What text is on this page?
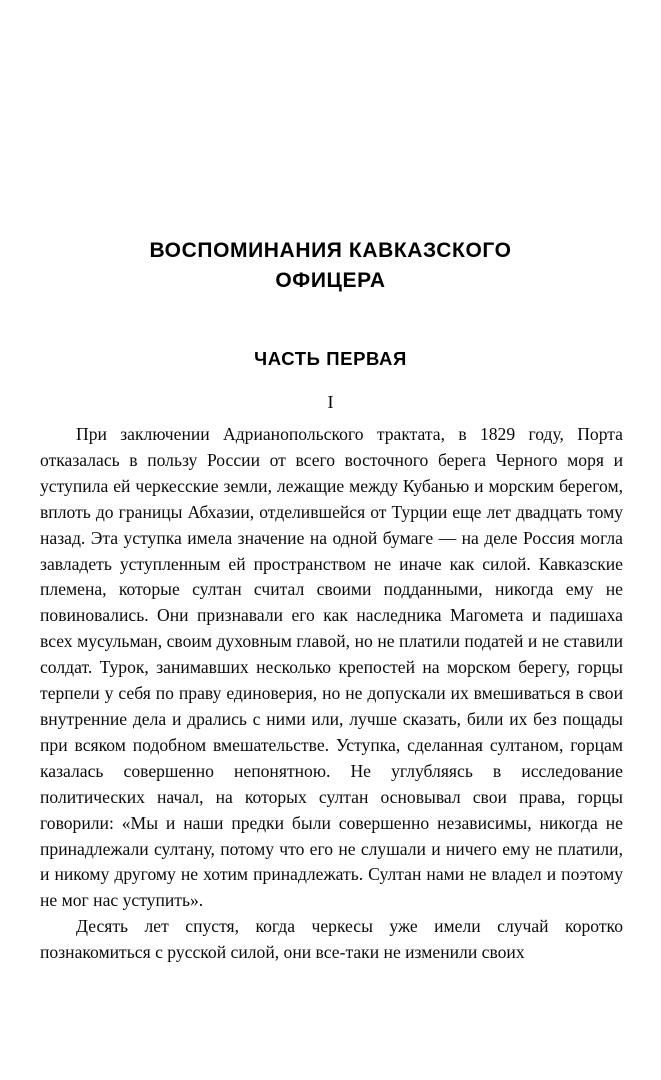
ВОСПОМИНАНИЯ КАВКАЗСКОГО
ОФИЦЕРА
ЧАСТЬ ПЕРВАЯ
I

При заключении Адрианопольского трактата, в 1829 году, Порта отказалась в пользу России от всего восточного берега Черного моря и уступила ей черкесские земли, лежащие между Кубанью и морским берегом, вплоть до границы Абхазии, отделившейся от Турции еще лет двадцать тому назад. Эта уступка имела значение на одной бумаге — на деле Россия могла завладеть уступленным ей пространством не иначе как силой. Кавказские племена, которые султан считал своими подданными, никогда ему не повиновались. Они признавали его как наследника Магомета и падишаха всех мусульман, своим духовным главой, но не платили податей и не ставили солдат. Турок, занимавших несколько крепостей на морском берегу, горцы терпели у себя по праву единоверия, но не допускали их вмешиваться в свои внутренние дела и дрались с ними или, лучше сказать, били их без пощады при всяком подобном вмешательстве. Уступка, сделанная султаном, горцам казалась совершенно непонятною. Не углубляясь в исследование политических начал, на которых султан основывал свои права, горцы говорили: «Мы и наши предки были совершенно независимы, никогда не принадлежали султану, потому что его не слушали и ничего ему не платили, и никому другому не хотим принадлежать. Султан нами не владел и поэтому не мог нас уступить».

Десять лет спустя, когда черкесы уже имели случай коротко познакомиться с русской силой, они все-таки не изменили своих
